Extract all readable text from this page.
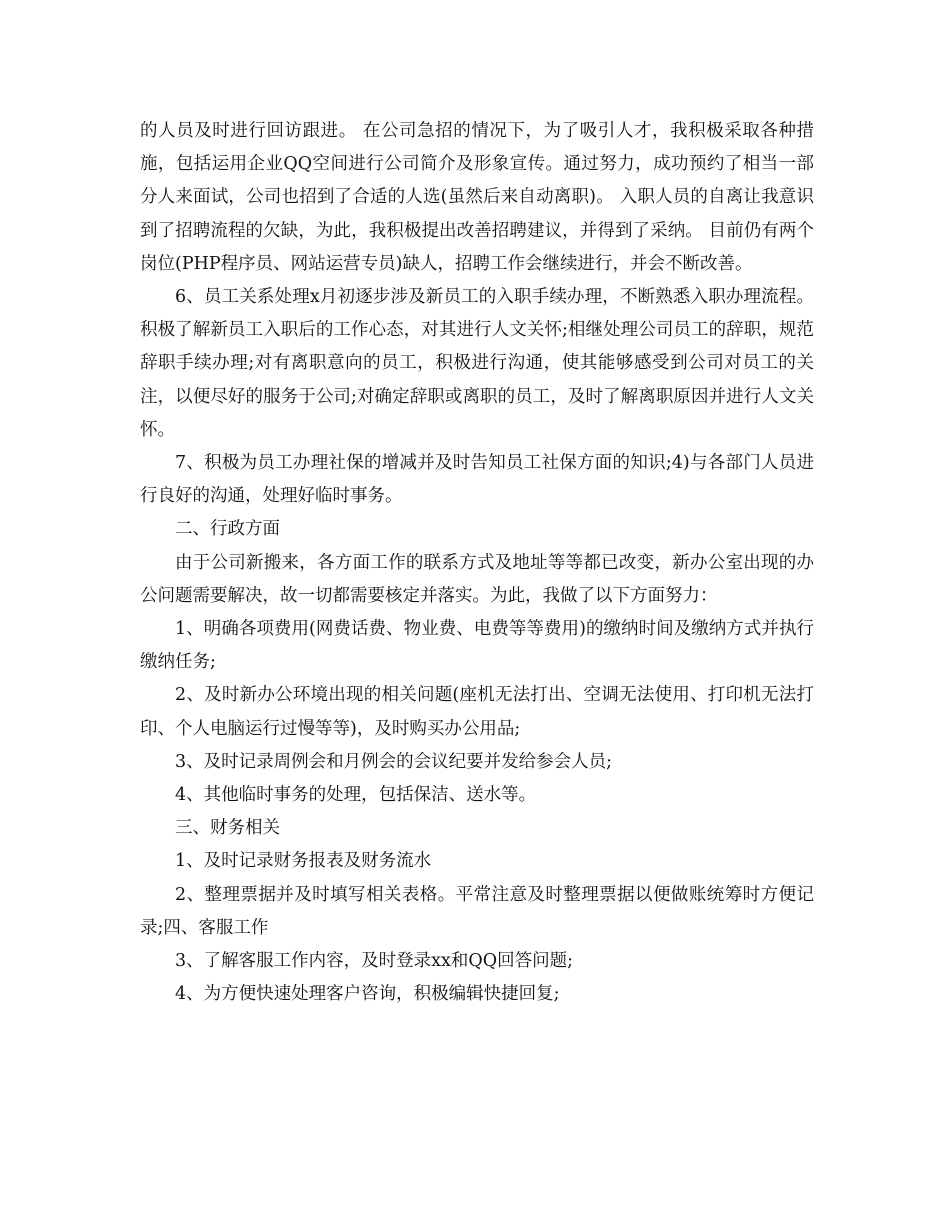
的人员及时进行回访跟进。 在公司急招的情况下，为了吸引人才，我积极采取各种措施，包括运用企业QQ空间进行公司简介及形象宣传。通过努力，成功预约了相当一部分人来面试，公司也招到了合适的人选(虽然后来自动离职)。 入职人员的自离让我意识到了招聘流程的欠缺，为此，我积极提出改善招聘建议，并得到了采纳。 目前仍有两个岗位(PHP程序员、网站运营专员)缺人，招聘工作会继续进行，并会不断改善。

6、员工关系处理x月初逐步涉及新员工的入职手续办理，不断熟悉入职办理流程。积极了解新员工入职后的工作心态，对其进行人文关怀;相继处理公司员工的辞职，规范辞职手续办理;对有离职意向的员工，积极进行沟通，使其能够感受到公司对员工的关注，以便尽好的服务于公司;对确定辞职或离职的员工，及时了解离职原因并进行人文关怀。

7、积极为员工办理社保的增减并及时告知员工社保方面的知识;4)与各部门人员进行良好的沟通，处理好临时事务。

二、行政方面

由于公司新搬来，各方面工作的联系方式及地址等等都已改变，新办公室出现的办公问题需要解决，故一切都需要核定并落实。为此，我做了以下方面努力：

1、明确各项费用(网费话费、物业费、电费等等费用)的缴纳时间及缴纳方式并执行缴纳任务;

2、及时新办公环境出现的相关问题(座机无法打出、空调无法使用、打印机无法打印、个人电脑运行过慢等等)，及时购买办公用品;

3、及时记录周例会和月例会的会议纪要并发给参会人员;

4、其他临时事务的处理，包括保洁、送水等。

三、财务相关

1、及时记录财务报表及财务流水

2、整理票据并及时填写相关表格。平常注意及时整理票据以便做账统筹时方便记录;四、客服工作

3、了解客服工作内容，及时登录xx和QQ回答问题;

4、为方便快速处理客户咨询，积极编辑快捷回复;
